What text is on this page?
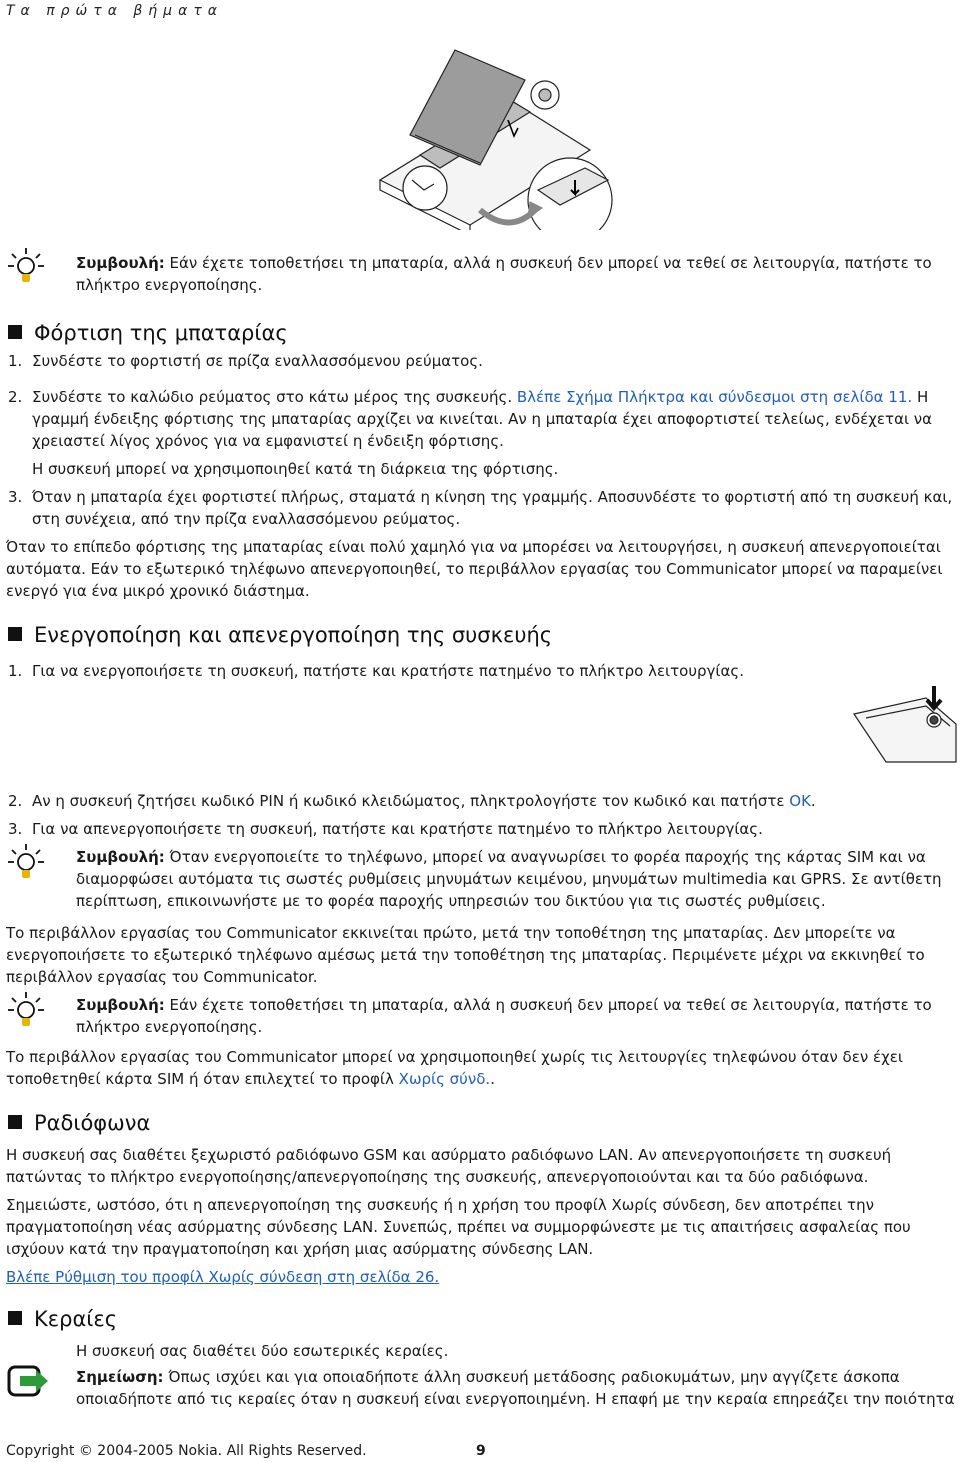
Τα πρώτα βήματα

Συμβουλή: Εάν έχετε τοποθετήσει τη μπαταρία, αλλά η συσκευή δεν μπορεί να τεθεί σε λειτουργία, πατήστε το

πλήκτρο ενεργοποίησης.

Φόρτιση της μπαταρίας

1. Συνδέστε το φορτιστή σε πρίζα εναλλασσόμενου ρεύματος.

2. Συνδέστε το καλώδιο ρεύματος στο κάτω μέρος της συσκευής. Βλέπε Σχήμα Πλήκτρα και σύνδεσμοι στη σελίδα 11. Η

γραμμή ένδειξης φόρτισης της μπαταρίας αρχίζει να κινείται. Αν η μπαταρία έχει αποφορτιστεί τελείως, ενδέχεται να

χρειαστεί λίγος χρόνος για να εμφανιστεί η ένδειξη φόρτισης.

Η συσκευή μπορεί να χρησιμοποιηθεί κατά τη διάρκεια της φόρτισης.

3. Όταν η μπαταρία έχει φορτιστεί πλήρως, σταματά η κίνηση της γραμμής. Αποσυνδέστε το φορτιστή από τη συσκευή και,

στη συνέχεια, από την πρίζα εναλλασσόμενου ρεύματος.

Όταν το επίπεδο φόρτισης της μπαταρίας είναι πολύ χαμηλό για να μπορέσει να λειτουργήσει, η συσκευή απενεργοποιείται

αυτόματα. Εάν το εξωτερικό τηλέφωνο απενεργοποιηθεί, το περιβάλλον εργασίας του Communicator μπορεί να παραμείνει

ενεργό για ένα μικρό χρονικό διάστημα.

Ενεργοποίηση και απενεργοποίηση της συσκευής

1. Για να ενεργοποιήσετε τη συσκευή, πατήστε και κρατήστε πατημένο το πλήκτρο λειτουργίας.

2. Αν η συσκευή ζητήσει κωδικό PIN ή κωδικό κλειδώματος, πληκτρολογήστε τον κωδικό και πατήστε OK.

3. Για να απενεργοποιήσετε τη συσκευή, πατήστε και κρατήστε πατημένο το πλήκτρο λειτουργίας.

Συμβουλή: Όταν ενεργοποιείτε το τηλέφωνο, μπορεί να αναγνωρίσει το φορέα παροχής της κάρτας SIM και να

διαμορφώσει αυτόματα τις σωστές ρυθμίσεις μηνυμάτων κειμένου, μηνυμάτων multimedia και GPRS. Σε αντίθετη

περίπτωση, επικοινωνήστε με το φορέα παροχής υπηρεσιών του δικτύου για τις σωστές ρυθμίσεις.

Το περιβάλλον εργασίας του Communicator εκκινείται πρώτο, μετά την τοποθέτηση της μπαταρίας. Δεν μπορείτε να

ενεργοποιήσετε το εξωτερικό τηλέφωνο αμέσως μετά την τοποθέτηση της μπαταρίας. Περιμένετε μέχρι να εκκινηθεί το

περιβάλλον εργασίας του Communicator.

Συμβουλή: Εάν έχετε τοποθετήσει τη μπαταρία, αλλά η συσκευή δεν μπορεί να τεθεί σε λειτουργία, πατήστε το

πλήκτρο ενεργοποίησης.

Το περιβάλλον εργασίας του Communicator μπορεί να χρησιμοποιηθεί χωρίς τις λειτουργίες τηλεφώνου όταν δεν έχει

τοποθετηθεί κάρτα SIM ή όταν επιλεχτεί το προφίλ Χωρίς σύνδ..

Ραδιόφωνα

Η συσκευή σας διαθέτει ξεχωριστό ραδιόφωνο GSM και ασύρματο ραδιόφωνο LAN. Αν απενεργοποιήσετε τη συσκευή

πατώντας το πλήκτρο ενεργοποίησης/απενεργοποίησης της συσκευής, απενεργοποιούνται και τα δύο ραδιόφωνα.

Σημειώστε, ωστόσο, ότι η απενεργοποίηση της συσκευής ή η χρήση του προφίλ Χωρίς σύνδεση, δεν αποτρέπει την

πραγματοποίηση νέας ασύρματης σύνδεσης LAN. Συνεπώς, πρέπει να συμμορφώνεστε με τις απαιτήσεις ασφαλείας που

ισχύουν κατά την πραγματοποίηση και χρήση μιας ασύρματης σύνδεσης LAN.

Βλέπε Ρύθμιση του προφίλ Χωρίς σύνδεση στη σελίδα 26.

Κεραίες

Η συσκευή σας διαθέτει δύο εσωτερικές κεραίες.

Σημείωση: Όπως ισχύει και για οποιαδήποτε άλλη συσκευή μετάδοσης ραδιοκυμάτων, μην αγγίζετε άσκοπα

οποιαδήποτε από τις κεραίες όταν η συσκευή είναι ενεργοποιημένη. Η επαφή με την κεραία επηρεάζει την ποιότητα

Copyright © 2004-2005 Nokia. All Rights Reserved.	9
